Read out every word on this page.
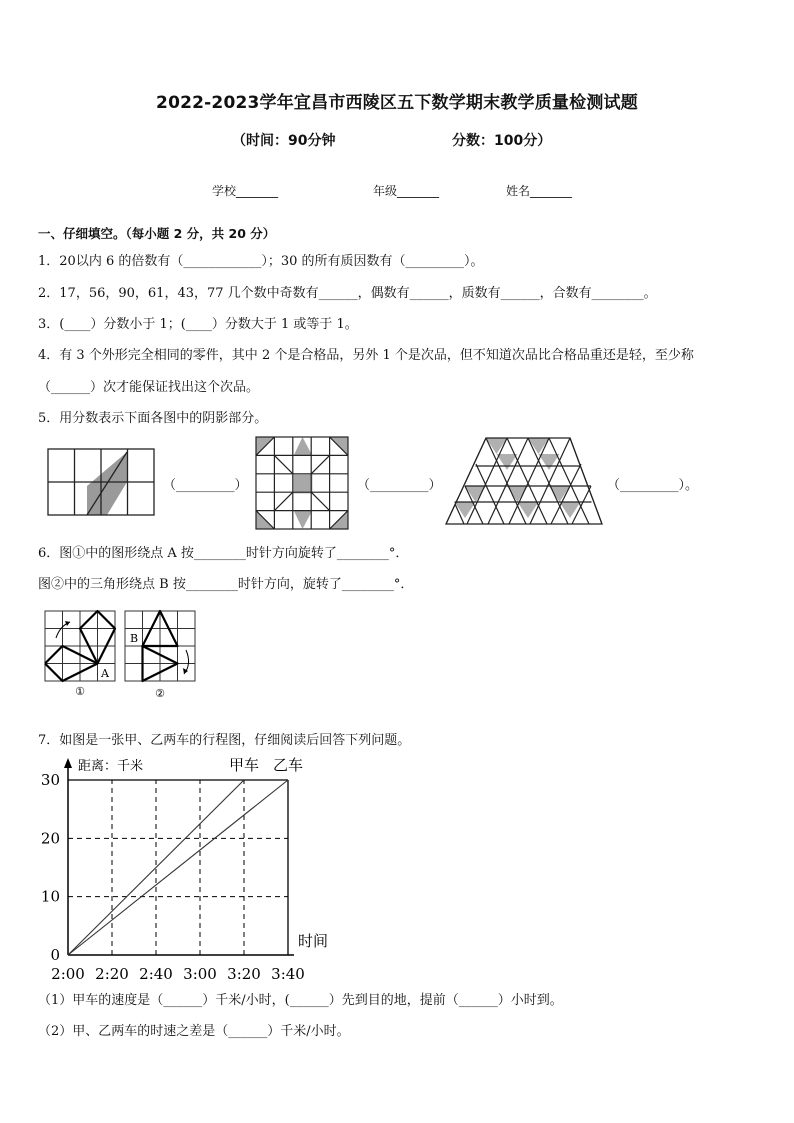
2022-2023学年宜昌市西陵区五下数学期末教学质量检测试题
（时间：90分钟	分数：100分）
学校_______	年级_______	姓名_______
一、仔细填空。（每小题 2 分，共 20 分）
1．20以内 6 的倍数有（____________）；30 的所有质因数有（_________）。
2．17，56，90，61，43，77 几个数中奇数有______，偶数有______，质数有______，合数有________。
3．(____）分数小于 1；(____）分数大于 1 或等于 1。
4．有 3 个外形完全相同的零件，其中 2 个是合格品，另外 1 个是次品，但不知道次品比合格品重还是轻，至少称
（______）次才能保证找出这个次品。
5．用分数表示下面各图中的阴影部分。
（_________）	（_________）	（_________）。
6．图①中的图形绕点 A 按________时针方向旋转了________°．
图②中的三角形绕点 B 按________时针方向，旋转了________°．
A
①
B
②
7．如图是一张甲、乙两车的行程图，仔细阅读后回答下列问题。
0
10
20
30
2:00 2:20 2:40 3:00 3:20 3:40
甲车 乙车
距离：千米
时间
（1）甲车的速度是（______）千米/小时，(______）先到目的地，提前（______）小时到。
（2）甲、乙两车的时速之差是（______）千米/小时。
